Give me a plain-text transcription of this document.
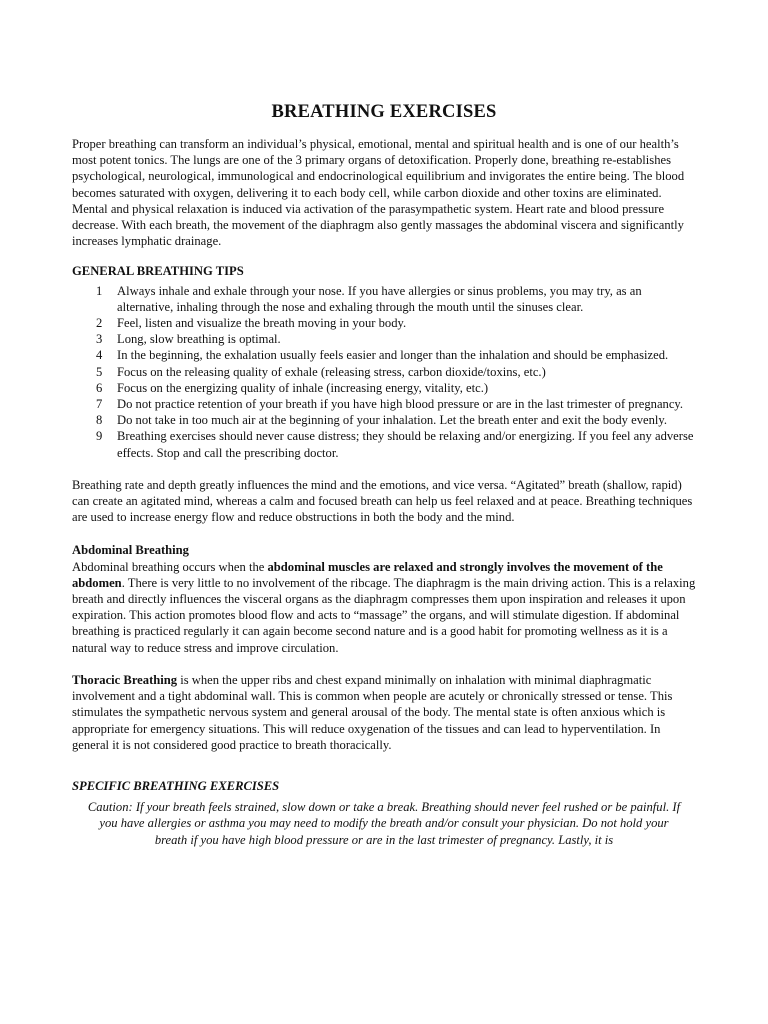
BREATHING EXERCISES

Proper breathing can transform an individual’s physical, emotional, mental and spiritual health and is one of our health’s most potent tonics. The lungs are one of the 3 primary organs of detoxification. Properly done, breathing re-establishes psychological, neurological, immunological and endocrinological equilibrium and invigorates the entire being. The blood becomes saturated with oxygen, delivering it to each body cell, while carbon dioxide and other toxins are eliminated. Mental and physical relaxation is induced via activation of the parasympathetic system. Heart rate and blood pressure decrease. With each breath, the movement of the diaphragm also gently massages the abdominal viscera and significantly increases lymphatic drainage.

GENERAL BREATHING TIPS
1	Always inhale and exhale through your nose. If you have allergies or sinus problems, you may try, as an alternative, inhaling through the nose and exhaling through the mouth until the sinuses clear.
2	Feel, listen and visualize the breath moving in your body.
3	Long, slow breathing is optimal.
4	In the beginning, the exhalation usually feels easier and longer than the inhalation and should be emphasized.
5	Focus on the releasing quality of exhale (releasing stress, carbon dioxide/toxins, etc.)
6	Focus on the energizing quality of inhale (increasing energy, vitality, etc.)
7	Do not practice retention of your breath if you have high blood pressure or are in the last trimester of pregnancy.
8	Do not take in too much air at the beginning of your inhalation. Let the breath enter and exit the body evenly.
9	Breathing exercises should never cause distress; they should be relaxing and/or energizing. If you feel any adverse effects. Stop and call the prescribing doctor.

Breathing rate and depth greatly influences the mind and the emotions, and vice versa. “Agitated” breath (shallow, rapid) can create an agitated mind, whereas a calm and focused breath can help us feel relaxed and at peace. Breathing techniques are used to increase energy flow and reduce obstructions in both the body and the mind.

Abdominal Breathing

Abdominal breathing occurs when the abdominal muscles are relaxed and strongly involves the movement of the abdomen. There is very little to no involvement of the ribcage. The diaphragm is the main driving action. This is a relaxing breath and directly influences the visceral organs as the diaphragm compresses them upon inspiration and releases it upon expiration. This action promotes blood flow and acts to “massage” the organs, and will stimulate digestion. If abdominal breathing is practiced regularly it can again become second nature and is a good habit for promoting wellness as it is a natural way to reduce stress and improve circulation.

Thoracic Breathing is when the upper ribs and chest expand minimally on inhalation with minimal diaphragmatic involvement and a tight abdominal wall. This is common when people are acutely or chronically stressed or tense. This stimulates the sympathetic nervous system and general arousal of the body. The mental state is often anxious which is appropriate for emergency situations. This will reduce oxygenation of the tissues and can lead to hyperventilation. In general it is not considered good practice to breath thoracically.

SPECIFIC BREATHING EXERCISES

Caution: If your breath feels strained, slow down or take a break. Breathing should never feel rushed or be painful. If you have allergies or asthma you may need to modify the breath and/or consult your physician. Do not hold your breath if you have high blood pressure or are in the last trimester of pregnancy. Lastly, it is
